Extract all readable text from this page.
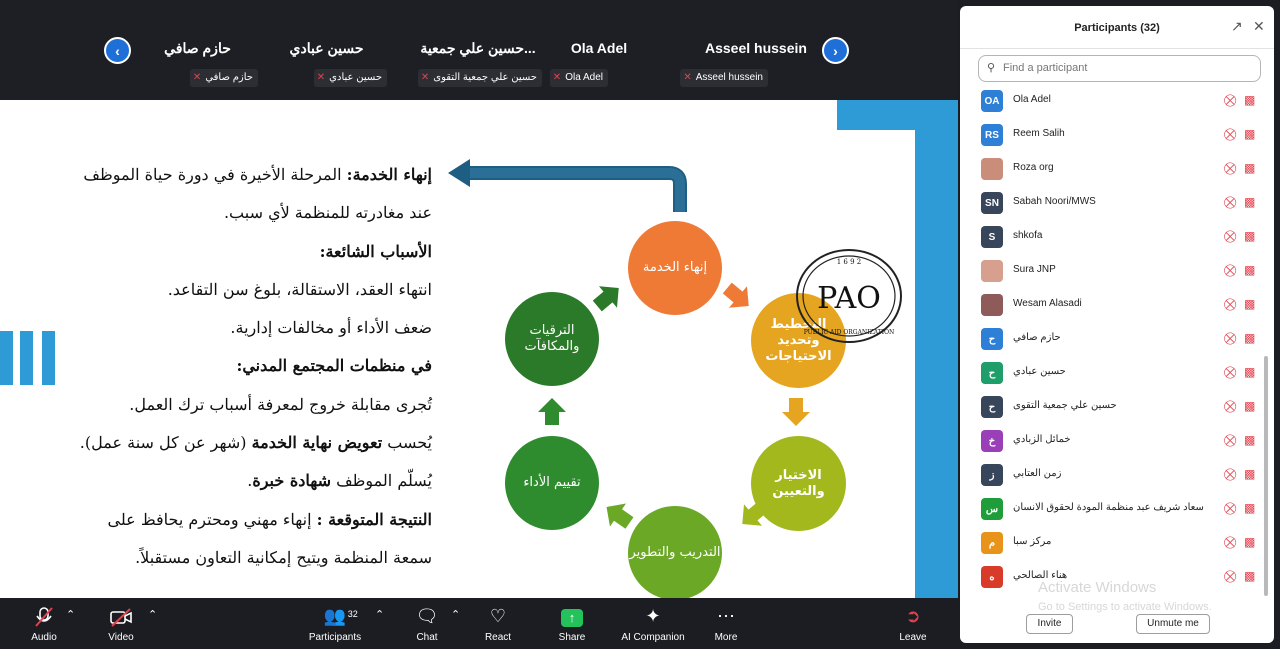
‹	حازم صافي
✕ حازم صافي
حسين عبادي
✕ حسين عبادي
حسين علي جمعية...
✕ حسين علي جمعية التقوى
Ola Adel
✕ Ola Adel
Asseel hussein
✕ Asseel hussein
›
إنهاء الخدمة: المرحلة الأخيرة في دورة حياة الموظف
عند مغادرته للمنظمة لأي سبب.
الأسباب الشائعة:
انتهاء العقد، الاستقالة، بلوغ سن التقاعد.
ضعف الأداء أو مخالفات إدارية.
في منظمات المجتمع المدني:
تُجرى مقابلة خروج لمعرفة أسباب ترك العمل.
يُحسب تعويض نهاية الخدمة (شهر عن كل سنة عمل).
يُسلّم الموظف شهادة خبرة.
النتيجة المتوقعة : إنهاء مهني ومحترم يحافظ على
سمعة المنظمة ويتيح إمكانية التعاون مستقبلاً.
إنهاء الخدمة
التخطيط وتحديد الاحتياجات
الاختيار والتعيين
التدريب والتطوير
تقييم الأداء
الترقيات والمكافآت
PAO
1 6 9 2
PUBLIC AID ORGANIZATION
Participants (32)	↗ ✕
⚲ Find a participant
OA	Ola Adel	⛒ ▩
RS	Reem Salih	⛒ ▩
Roza org	⛒ ▩
SN	Sabah Noori/MWS	⛒ ▩
S	shkofa	⛒ ▩
Sura JNP	⛒ ▩
Wesam Alasadi	⛒ ▩
ح	حازم صافي	⛒ ▩
ح	حسين عبادي	⛒ ▩
ح	حسين علي جمعية التقوى	⛒ ▩
خ	خمائل الزبادي	⛒ ▩
ز	زمن العتابي	⛒ ▩
س	سعاد شريف عبد منظمة المودة لحقوق الانسان ⛒ ▩
م	مركز سبا	⛒ ▩
ه	هناء الصالحي	⛒ ▩
Invite	Unmute me
Activate Windows
Go to Settings to activate Windows.
Audio
⌃
Video
⌃	👥 32
Participants
⌃ 🗨
Chat
⌃ ♡
React
↑
Share
✦
AI Companion
⋯
More
➲
Leave
